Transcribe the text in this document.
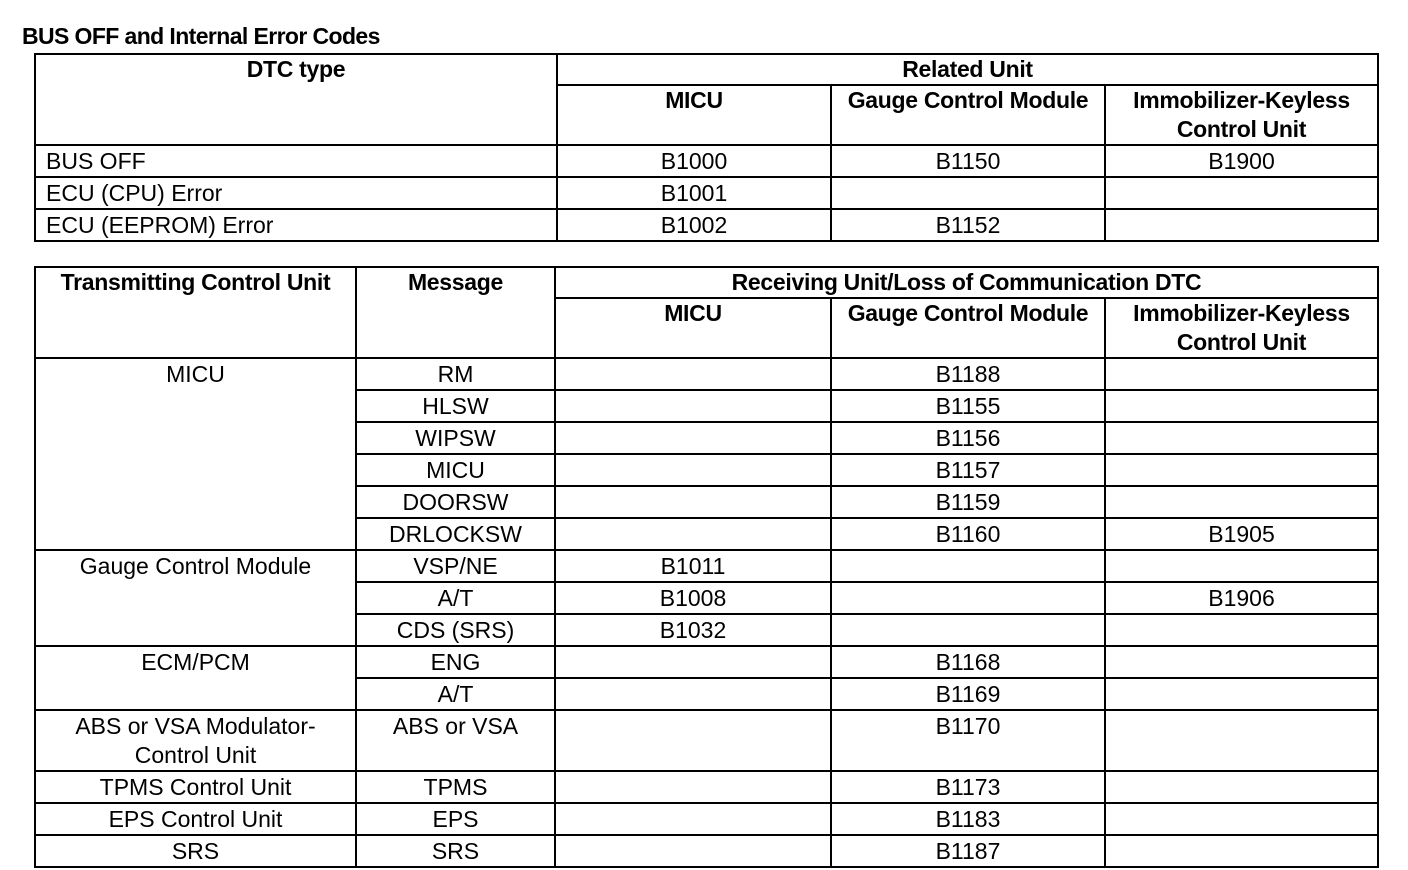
BUS OFF and Internal Error Codes
DTC type	Related Unit		
	MICU	Gauge Control Module	Immobilizer-Keyless Control Unit
BUS OFF	B1000	B1150	B1900
ECU (CPU) Error	B1001		
ECU (EEPROM) Error	B1002	B1152	
Transmitting Control Unit	Message	Receiving Unit/Loss of Communication DTC		
		MICU	Gauge Control Module	Immobilizer-Keyless Control Unit
MICU	RM		B1188	
	HLSW		B1155	
	WIPSW		B1156	
	MICU		B1157	
	DOORSW		B1159	
	DRLOCKSW		B1160	B1905
Gauge Control Module	VSP/NE	B1011		
	A/T	B1008		B1906
	CDS (SRS)	B1032		
ECM/PCM	ENG		B1168	
	A/T		B1169	
ABS or VSA Modulator-Control Unit	ABS or VSA		B1170	
TPMS Control Unit	TPMS		B1173	
EPS Control Unit	EPS		B1183	
SRS	SRS		B1187	
